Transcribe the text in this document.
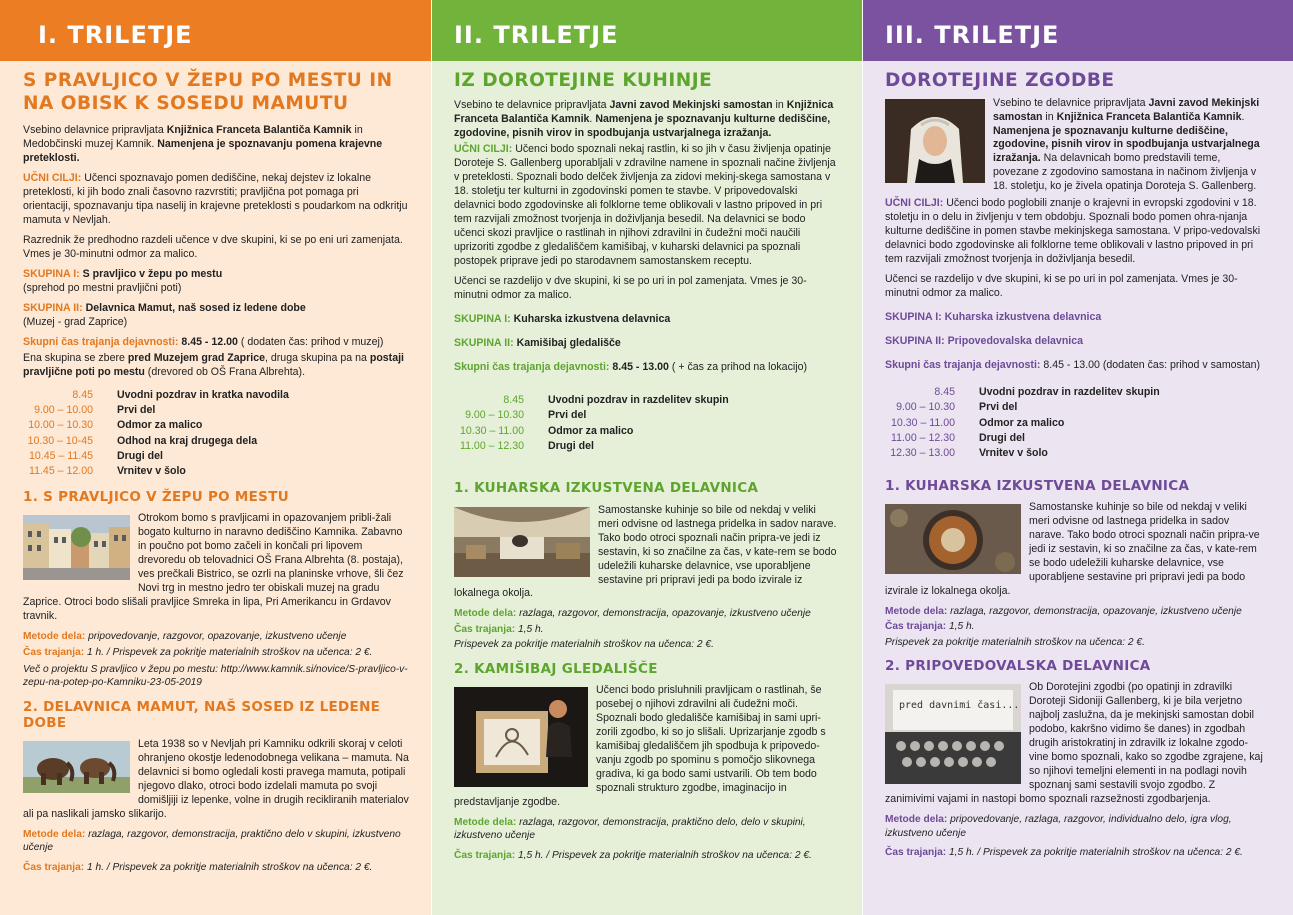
I. TRILETJE
S PRAVLJICO V ŽEPU PO MESTU IN
NA OBISK K SOSEDU MAMUTU

Vsebino delavnice pripravljata Knjižnica Franceta Balantiča Kamnik in Medobčinski muzej Kamnik. Namenjena je spoznavanju pomena krajevne preteklosti.

UČNI CILJI: Učenci spoznavajo pomen dediščine, nekaj dejstev iz lokalne preteklosti, ki jih bodo znali časovno razvrstiti; pravljična pot pomaga pri orientaciji, spoznavanju tipa naselij in krajevne preteklosti s poudarkom na odkritju mamuta v Nevljah.

Razrednik že predhodno razdeli učence v dve skupini, ki se po eni uri zamenjata. Vmes je 30-minutni odmor za malico.

SKUPINA I: S pravljico v žepu po mestu
(sprehod po mestni pravljični poti)

SKUPINA II: Delavnica Mamut, naš sosed iz ledene dobe
(Muzej - grad Zaprice)

Skupni čas trajanja dejavnosti: 8.45 - 12.00 ( dodaten čas: prihod v muzej)

Ena skupina se zbere pred Muzejem grad Zaprice, druga skupina pa na postaji pravljične poti po mestu (drevored ob OŠ Frana Albrehta).

8.45 Uvodni pozdrav in kratka navodila
9.00 – 10.00 Prvi del
10.00 – 10.30 Odmor za malico
10.30 – 10-45 Odhod na kraj drugega dela
10.45 – 11.45 Drugi del
11.45 – 12.00 Vrnitev v šolo
1. S PRAVLJICO V ŽEPU PO MESTU

Otrokom bomo s pravljicami in opazovanjem pribli-žali bogato kulturno in naravno dediščino Kamnika. Zabavno in poučno pot bomo začeli in končali pri lipovem drevoredu ob telovadnici OŠ Frana Albrehta (8. postaja), ves prečkali Bistrico, se ozrli na planinske vrhove, šli čez Novi trg in mestno jedro ter obiskali muzej na gradu Zaprice. Otroci bodo slišali pravljice Smreka in lipa, Pri Amerikancu in Grdavov travnik.

Metode dela: pripovedovanje, razgovor, opazovanje, izkustveno učenje

Čas trajanja: 1 h. / Prispevek za pokritje materialnih stroškov na učenca: 2 €.

Več o projektu S pravljico v žepu po mestu: http://www.kamnik.si/novice/S-pravljico-v-zepu-na-potep-po-Kamniku-23-05-2019

2. DELAVNICA MAMUT, NAŠ SOSED IZ LEDENE DOBE

Leta 1938 so v Nevljah pri Kamniku odkrili skoraj v celoti ohranjeno okostje ledenodobnega velikana – mamuta. Na delavnici si bomo ogledali kosti pravega mamuta, potipali njegovo dlako, otroci bodo izdelali mamuta po svoji domišljiji iz lepenke, volne in drugih recikliranih materialov ali pa naslikali jamsko slikarijo.

Metode dela: razlaga, razgovor, demonstracija, praktično delo v skupini, izkustveno učenje

Čas trajanja: 1 h. / Prispevek za pokritje materialnih stroškov na učenca: 2 €.

II. TRILETJE
IZ DOROTEJINE KUHINJE

Vsebino te delavnice pripravljata Javni zavod Mekinjski samostan in Knjižnica Franceta Balantiča Kamnik. Namenjena je spoznavanju kulturne dediščine, zgodovine, pisnih virov in spodbujanja ustvarjalnega izražanja.

UČNI CILJI: Učenci bodo spoznali nekaj rastlin, ki so jih v času življenja opatinje Doroteje S. Gallenberg uporabljali v zdravilne namene in spoznali načine življenja v preteklosti. Spoznali bodo delček življenja za zidovi mekinj-skega samostana v 18. stoletju ter kulturni in zgodovinski pomen te stavbe. V pripovedovalski delavnici bodo zgodovinske ali folklorne teme oblikovali v lastno pripoved in pri tem razvijali zmožnost tvorjenja in doživljanja besedil. Na delavnici se bodo učenci skozi pravljice o rastlinah in njihovi zdravilni in čudežni moči naučili uprizoriti zgodbe z gledališčem kamišibaj, v kuharski delavnici pa spoznali postopek priprave jedi po starodavnem samostanskem receptu.

Učenci se razdelijo v dve skupini, ki se po uri in pol zamenjata. Vmes je 30-minutni odmor za malico.

SKUPINA I: Kuharska izkustvena delavnica

SKUPINA II: Kamišibaj gledališče

Skupni čas trajanja dejavnosti: 8.45 - 13.00 ( + čas za prihod na lokacijo)

8.45 Uvodni pozdrav in razdelitev skupin
9.00 – 10.30 Prvi del
10.30 – 11.00 Odmor za malico
11.00 – 12.30 Drugi del
1. KUHARSKA IZKUSTVENA DELAVNICA

Samostanske kuhinje so bile od nekdaj v veliki meri odvisne od lastnega pridelka in sadov narave. Tako bodo otroci spoznali način pripra-ve jedi iz sestavin, ki so značilne za čas, v kate-rem se bodo udeležili kuharske delavnice, vse uporabljene sestavine pri pripravi jedi pa bodo izvirale iz lokalnega okolja.

Metode dela: razlaga, razgovor, demonstracija, opazovanje, izkustveno učenje

Čas trajanja: 1,5 h.

Prispevek za pokritje materialnih stroškov na učenca: 2 €.

2. KAMIŠIBAJ GLEDALIŠČE

Učenci bodo prisluhnili pravljicam o rastlinah, še posebej o njihovi zdravilni ali čudežni moči. Spoznali bodo gledališče kamišibaj in sami upri-zorili zgodbo, ki so jo slišali. Uprizarjanje zgodb s kamišibaj gledališčem jih spodbuja k pripovedo-vanju zgodb po spominu s pomočjo slikovnega gradiva, ki ga bodo sami ustvarili. Ob tem bodo spoznali strukturo zgodbe, imaginacijo in predstavljanje zgodbe.

Metode dela: razlaga, razgovor, demonstracija, praktično delo, delo v skupini, izkustveno učenje

Čas trajanja: 1,5 h. / Prispevek za pokritje materialnih stroškov na učenca: 2 €.

III. TRILETJE
DOROTEJINE ZGODBE

Vsebino te delavnice pripravljata Javni zavod Mekinjski samostan in Knjižnica Franceta Balantiča Kamnik. Namenjena je spoznavanju kulturne dediščine, zgodovine, pisnih virov in spodbujanja ustvarjalnega izražanja. Na delavnicah bomo predstavili teme, povezane z zgodovino samostana in načinom življenja v 18. stoletju, ko je živela opatinja Doroteja S. Gallenberg.

UČNI CILJI: Učenci bodo poglobili znanje o krajevni in evropski zgodovini v 18. stoletju in o delu in življenju v tem obdobju. Spoznali bodo pomen ohra-njanja kulturne dediščine in pomen stavbe mekinjskega samostana. V pripo-vedovalski delavnici bodo zgodovinske ali folklorne teme oblikovali v lastno pripoved in pri tem razvijali zmožnost tvorjenja in doživljanja besedil.

Učenci se razdelijo v dve skupini, ki se po uri in pol zamenjata. Vmes je 30-minutni odmor za malico.

SKUPINA I: Kuharska izkustvena delavnica

SKUPINA II: Pripovedovalska delavnica

Skupni čas trajanja dejavnosti: 8.45 - 13.00 (dodaten čas: prihod v samostan)

8.45 Uvodni pozdrav in razdelitev skupin
9.00 – 10.30 Prvi del
10.30 – 11.00 Odmor za malico
11.00 – 12.30 Drugi del
12.30 – 13.00 Vrnitev v šolo
1. KUHARSKA IZKUSTVENA DELAVNICA

Samostanske kuhinje so bile od nekdaj v veliki meri odvisne od lastnega pridelka in sadov narave. Tako bodo otroci spoznali način pripra-ve jedi iz sestavin, ki so značilne za čas, v kate-rem se bodo udeležili kuharske delavnice, vse uporabljene sestavine pri pripravi jedi pa bodo izvirale iz lokalnega okolja.

Metode dela: razlaga, razgovor, demonstracija, opazovanje, izkustveno učenje

Čas trajanja: 1,5 h.

Prispevek za pokritje materialnih stroškov na učenca: 2 €.

2. PRIPOVEDOVALSKA DELAVNICA
pred davnimi časi...

Ob Dorotejini zgodbi (po opatinji in zdravilki Doroteji Sidoniji Gallenberg, ki je bila verjetno najbolj zaslužna, da je mekinjski samostan dobil podobo, kakršno vidimo še danes) in zgodbah drugih aristokratinj in zdravilk iz lokalne zgodo-vine bomo spoznali, kako so zgodbe zgrajene, kaj so njihovi temeljni elementi in na podlagi novih spoznanj sami sestavili svojo zgodbo. Z zanimivimi vajami in nastopi bomo spoznali razsežnosti zgodbarjenja.

Metode dela: pripovedovanje, razlaga, razgovor, individualno delo, igra vlog, izkustveno učenje

Čas trajanja: 1,5 h. / Prispevek za pokritje materialnih stroškov na učenca: 2 €.
